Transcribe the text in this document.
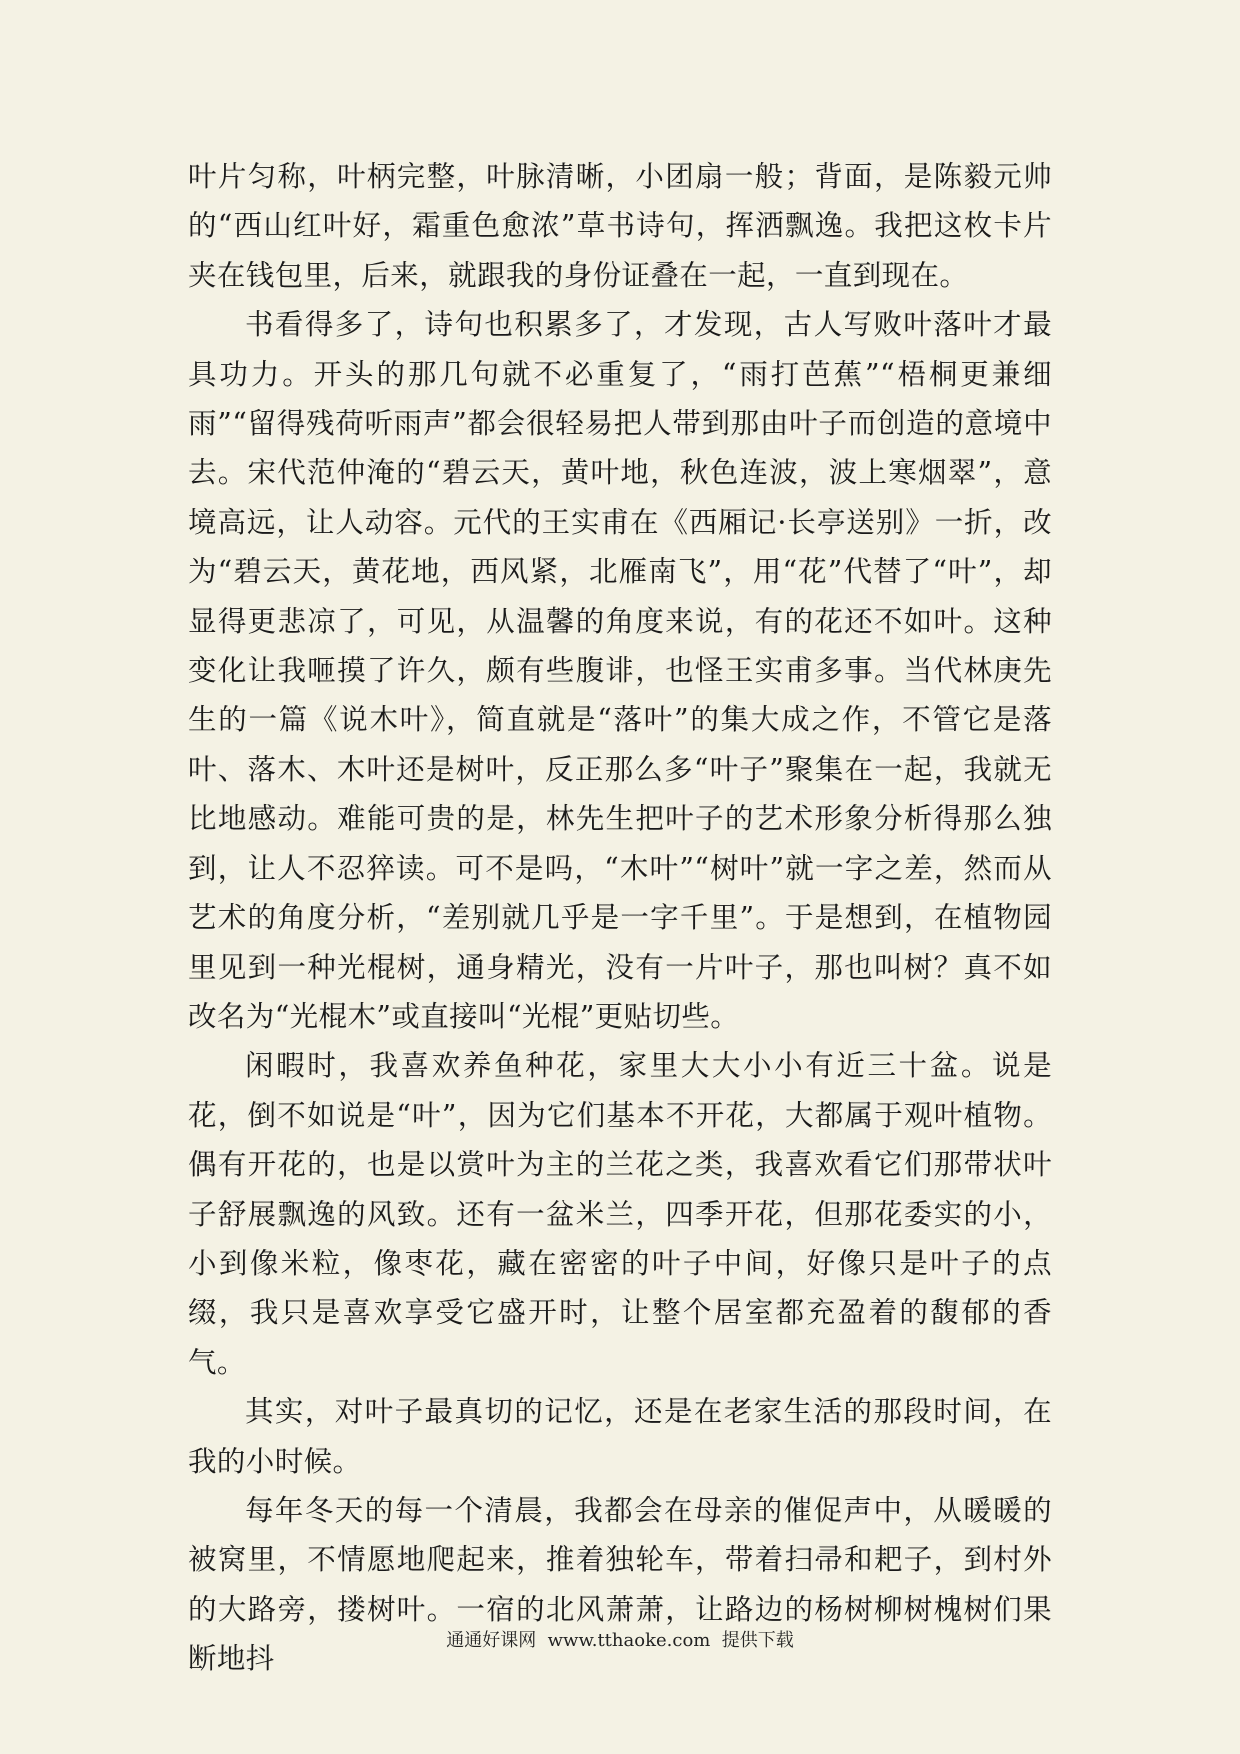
叶片匀称，叶柄完整，叶脉清晰，小团扇一般；背面，是陈毅元帅的“西山红叶好，霜重色愈浓”草书诗句，挥洒飘逸。我把这枚卡片夹在钱包里，后来，就跟我的身份证叠在一起，一直到现在。

书看得多了，诗句也积累多了，才发现，古人写败叶落叶才最具功力。开头的那几句就不必重复了，“雨打芭蕉”“梧桐更兼细雨”“留得残荷听雨声”都会很轻易把人带到那由叶子而创造的意境中去。宋代范仲淹的“碧云天，黄叶地，秋色连波，波上寒烟翠”，意境高远，让人动容。元代的王实甫在《西厢记·长亭送别》一折，改为“碧云天，黄花地，西风紧，北雁南飞”，用“花”代替了“叶”，却显得更悲凉了，可见，从温馨的角度来说，有的花还不如叶。这种变化让我咂摸了许久，颇有些腹诽，也怪王实甫多事。当代林庚先生的一篇《说木叶》，简直就是“落叶”的集大成之作，不管它是落叶、落木、木叶还是树叶，反正那么多“叶子”聚集在一起，我就无比地感动。难能可贵的是，林先生把叶子的艺术形象分析得那么独到，让人不忍猝读。可不是吗，“木叶”“树叶”就一字之差，然而从艺术的角度分析，“差别就几乎是一字千里”。于是想到，在植物园里见到一种光棍树，通身精光，没有一片叶子，那也叫树？真不如改名为“光棍木”或直接叫“光棍”更贴切些。

闲暇时，我喜欢养鱼种花，家里大大小小有近三十盆。说是花，倒不如说是“叶”，因为它们基本不开花，大都属于观叶植物。偶有开花的，也是以赏叶为主的兰花之类，我喜欢看它们那带状叶子舒展飘逸的风致。还有一盆米兰，四季开花，但那花委实的小，小到像米粒，像枣花，藏在密密的叶子中间，好像只是叶子的点缀，我只是喜欢享受它盛开时，让整个居室都充盈着的馥郁的香气。

其实，对叶子最真切的记忆，还是在老家生活的那段时间，在我的小时候。

每年冬天的每一个清晨，我都会在母亲的催促声中，从暖暖的被窝里，不情愿地爬起来，推着独轮车，带着扫帚和耙子，到村外的大路旁，搂树叶。一宿的北风萧萧，让路边的杨树柳树槐树们果断地抖

通通好课网  www.tthaoke.com  提供下载
